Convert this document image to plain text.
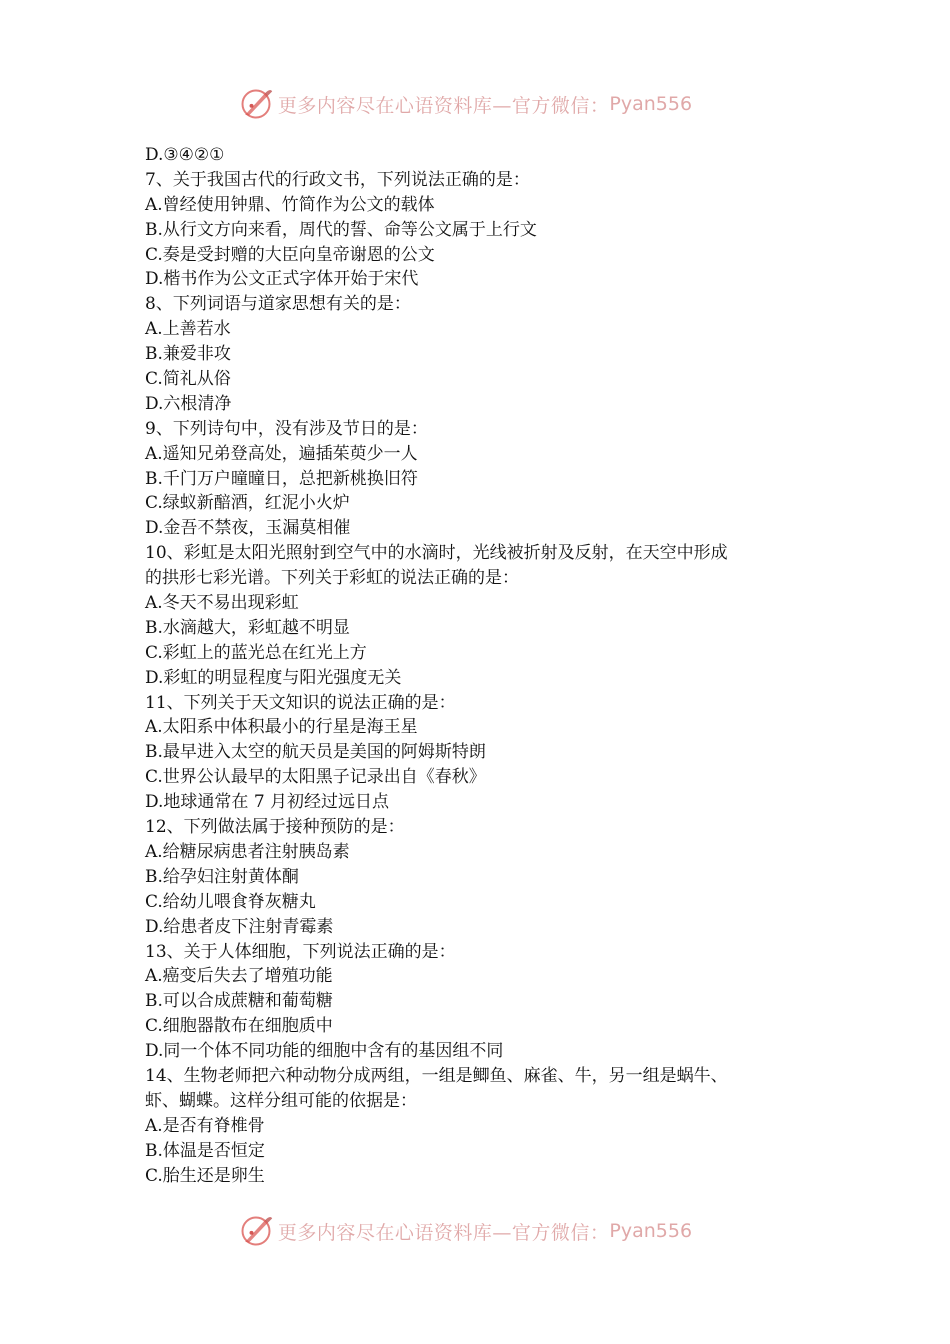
更多内容尽在心语资料库—官方微信： Pyan556
D.③④②①
7、关于我国古代的行政文书，下列说法正确的是：
A.曾经使用钟鼎、竹简作为公文的载体
B.从行文方向来看，周代的誓、命等公文属于上行文
C.奏是受封赠的大臣向皇帝谢恩的公文
D.楷书作为公文正式字体开始于宋代
8、下列词语与道家思想有关的是：
A.上善若水
B.兼爱非攻
C.简礼从俗
D.六根清净
9、下列诗句中，没有涉及节日的是：
A.遥知兄弟登高处，遍插茱萸少一人
B.千门万户曈曈日，总把新桃换旧符
C.绿蚁新醅酒，红泥小火炉
D.金吾不禁夜，玉漏莫相催
10、彩虹是太阳光照射到空气中的水滴时，光线被折射及反射，在天空中形成
的拱形七彩光谱。下列关于彩虹的说法正确的是：
A.冬天不易出现彩虹
B.水滴越大，彩虹越不明显
C.彩虹上的蓝光总在红光上方
D.彩虹的明显程度与阳光强度无关
11、下列关于天文知识的说法正确的是：
A.太阳系中体积最小的行星是海王星
B.最早进入太空的航天员是美国的阿姆斯特朗
C.世界公认最早的太阳黑子记录出自《春秋》
D.地球通常在 7 月初经过远日点
12、下列做法属于接种预防的是：
A.给糖尿病患者注射胰岛素
B.给孕妇注射黄体酮
C.给幼儿喂食脊灰糖丸
D.给患者皮下注射青霉素
13、关于人体细胞，下列说法正确的是：
A.癌变后失去了增殖功能
B.可以合成蔗糖和葡萄糖
C.细胞器散布在细胞质中
D.同一个体不同功能的细胞中含有的基因组不同
14、生物老师把六种动物分成两组，一组是鲫鱼、麻雀、牛，另一组是蜗牛、
虾、蝴蝶。这样分组可能的依据是：
A.是否有脊椎骨
B.体温是否恒定
C.胎生还是卵生
更多内容尽在心语资料库—官方微信： Pyan556
